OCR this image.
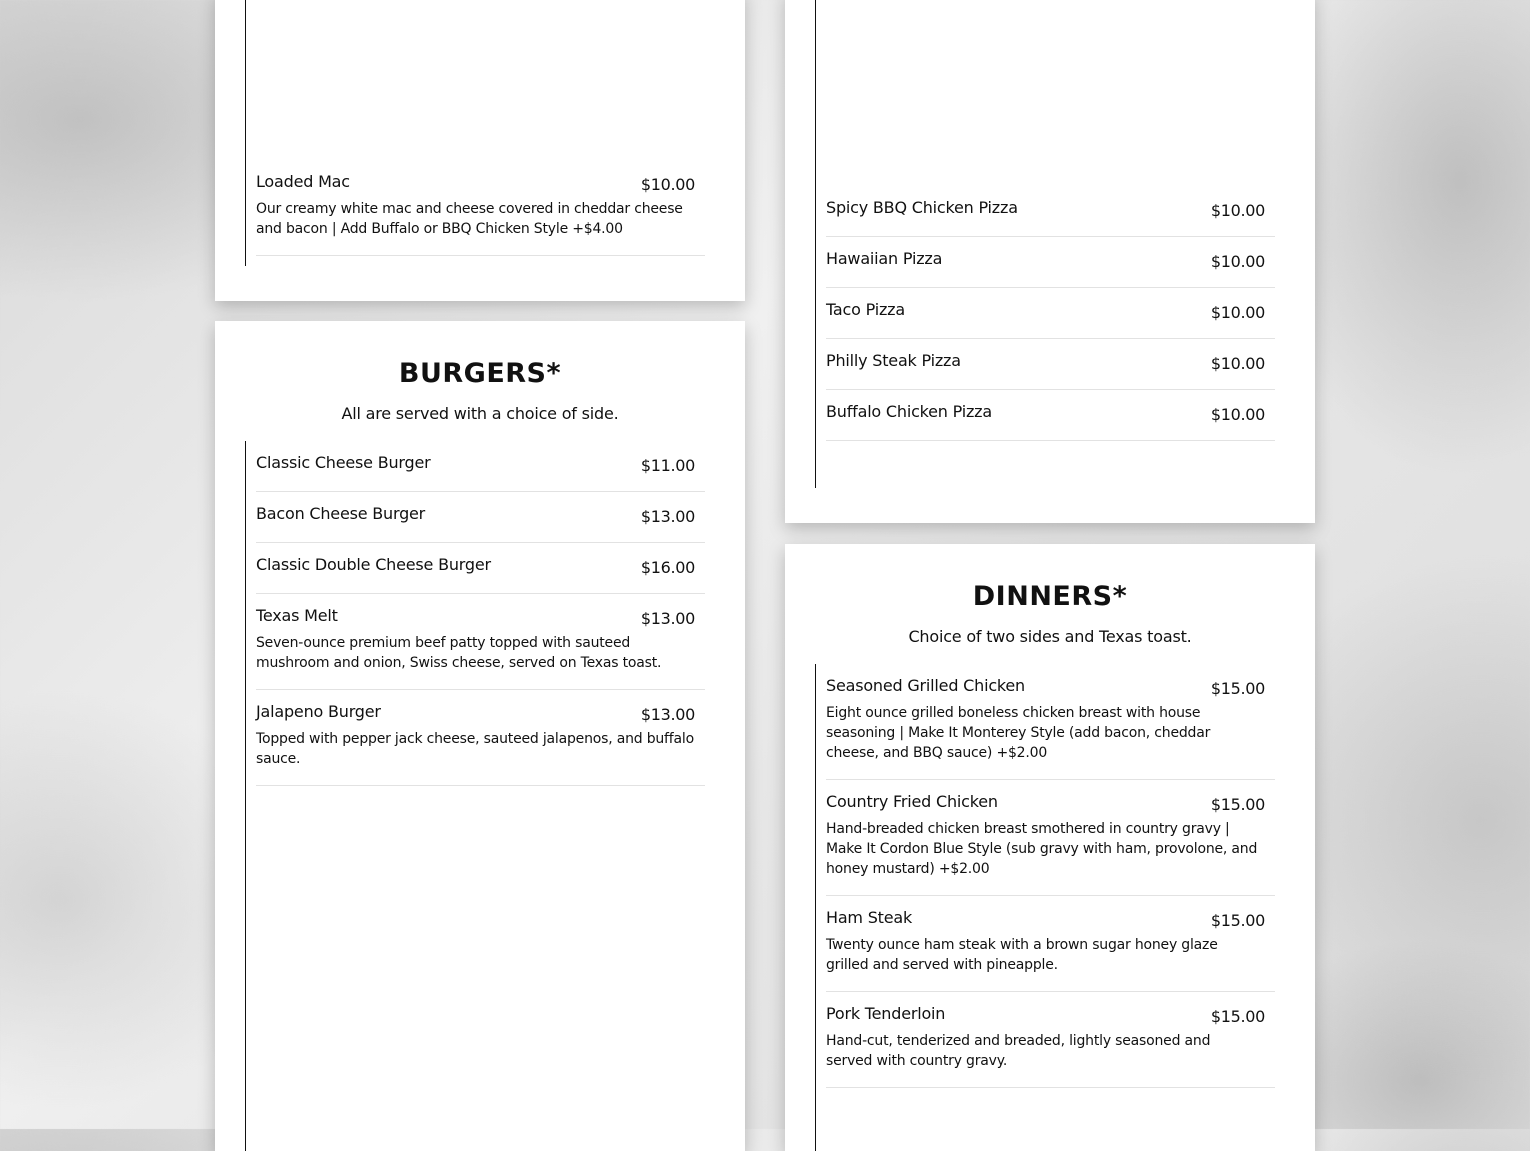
Loaded Mac	$10.00
Our creamy white mac and cheese covered in cheddar cheese and bacon | Add Buffalo or BBQ Chicken Style +$4.00
BURGERS*
All are served with a choice of side.
Classic Cheese Burger	$11.00
Bacon Cheese Burger	$13.00
Classic Double Cheese Burger	$16.00
Texas Melt	$13.00
Seven-ounce premium beef patty topped with sauteed mushroom and onion, Swiss cheese, served on Texas toast.
Jalapeno Burger	$13.00
Topped with pepper jack cheese, sauteed jalapenos, and buffalo sauce.
Spicy BBQ Chicken Pizza	$10.00
Hawaiian Pizza	$10.00
Taco Pizza	$10.00
Philly Steak Pizza	$10.00
Buffalo Chicken Pizza	$10.00
DINNERS*
Choice of two sides and Texas toast.
Seasoned Grilled Chicken	$15.00
Eight ounce grilled boneless chicken breast with house seasoning | Make It Monterey Style (add bacon, cheddar cheese, and BBQ sauce) +$2.00
Country Fried Chicken	$15.00
Hand-breaded chicken breast smothered in country gravy | Make It Cordon Blue Style (sub gravy with ham, provolone, and honey mustard) +$2.00
Ham Steak	$15.00
Twenty ounce ham steak with a brown sugar honey glaze grilled and served with pineapple.
Pork Tenderloin	$15.00
Hand-cut, tenderized and breaded, lightly seasoned and served with country gravy.
